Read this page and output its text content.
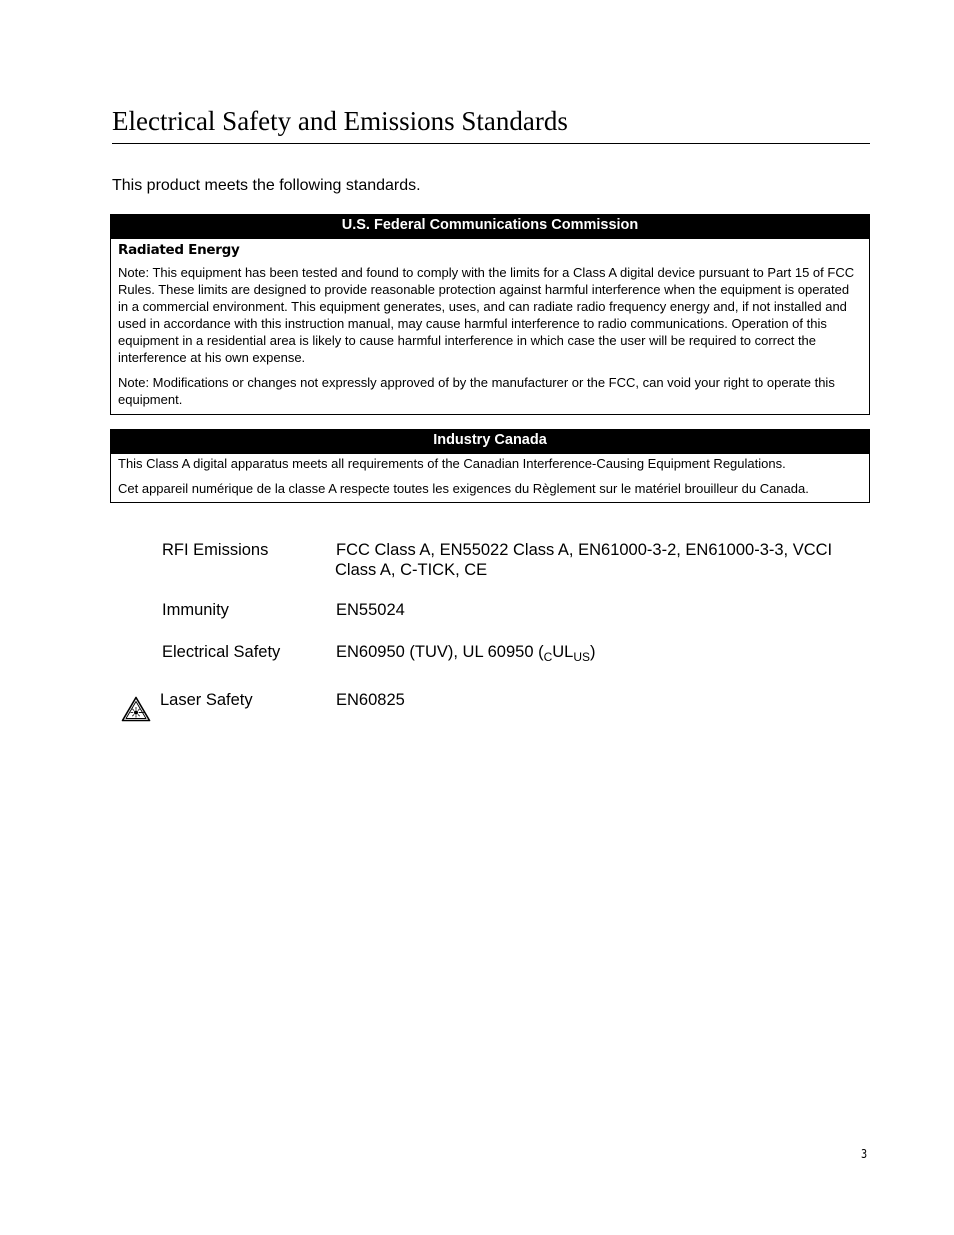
Electrical Safety and Emissions Standards

This product meets the following standards.

U.S. Federal Communications Commission
Radiated Energy

Note: This equipment has been tested and found to comply with the limits for a Class A digital device pursuant to Part 15 of FCC Rules. These limits are designed to provide reasonable protection against harmful interference when the equipment is operated in a commercial environment. This equipment generates, uses, and can radiate radio frequency energy and, if not installed and used in accordance with this instruction manual, may cause harmful interference to radio communications. Operation of this equipment in a residential area is likely to cause harmful interference in which case the user will be required to correct the interference at his own expense.

Note: Modifications or changes not expressly approved of by the manufacturer or the FCC, can void your right to operate this equipment.

Industry Canada

This Class A digital apparatus meets all requirements of the Canadian Interference-Causing Equipment Regulations.

Cet appareil numérique de la classe A respecte toutes les exigences du Règlement sur le matériel brouilleur du Canada.

RFI Emissions	FCC Class A, EN55022 Class A, EN61000-3-2, EN61000-3-3, VCCI
Class A, C-TICK, CE
Immunity	EN55024
Electrical Safety	EN60950 (TUV), UL 60950 $(_CUL_{US})$
Laser Safety	EN60825
3
